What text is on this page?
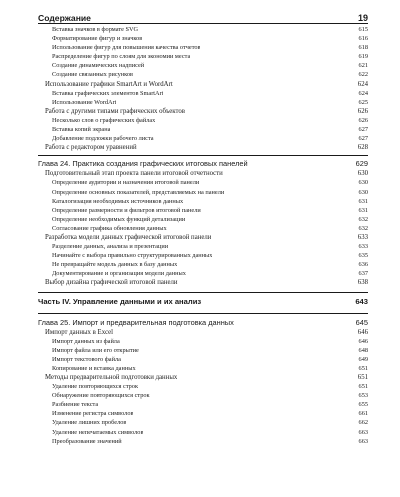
Содержание	19
Вставка значков в формате SVG	615
Форматирование фигур и значков	616
Использование фигур для повышения качества отчетов	618
Распределение фигур по слоям для экономии места	619
Создание динамических надписей	621
Создание связанных рисунков	622
Использование графики SmartArt и WordArt	624
Вставка графических элементов SmartArt	624
Использование WordArt	625
Работа с другими типами графических объектов	626
Несколько слов о графических файлах	626
Вставка копий экрана	627
Добавление подложки рабочего листа	627
Работа с редактором уравнений	628
Глава 24. Практика создания графических итоговых панелей	629
Подготовительный этап проекта панели итоговой отчетности	630
Определение аудитории и назначения итоговой панели	630
Определение основных показателей, представляемых на панели	630
Каталогизация необходимых источников данных	631
Определение размерности и фильтров итоговой панели	631
Определение необходимых функций детализации	632
Согласование графика обновления данных	632
Разработка модели данных графической итоговой панели	633
Разделение данных, анализа и презентации	633
Начинайте с выбора правильно структурированных данных	635
Не превращайте модель данных в базу данных	636
Документирование и организация модели данных	637
Выбор дизайна графической итоговой панели	638
Часть IV. Управление данными и их анализ	643
Глава 25. Импорт и предварительная подготовка данных	645
Импорт данных в Excel	646
Импорт данных из файла	646
Импорт файла или его открытие	648
Импорт текстового файла	649
Копирование и вставка данных	651
Методы предварительной подготовки данных	651
Удаление повторяющихся строк	651
Обнаружение повторяющихся строк	653
Разбиение текста	655
Изменение регистра символов	661
Удаление лишних пробелов	662
Удаление непечатаемых символов	663
Преобразование значений	663
